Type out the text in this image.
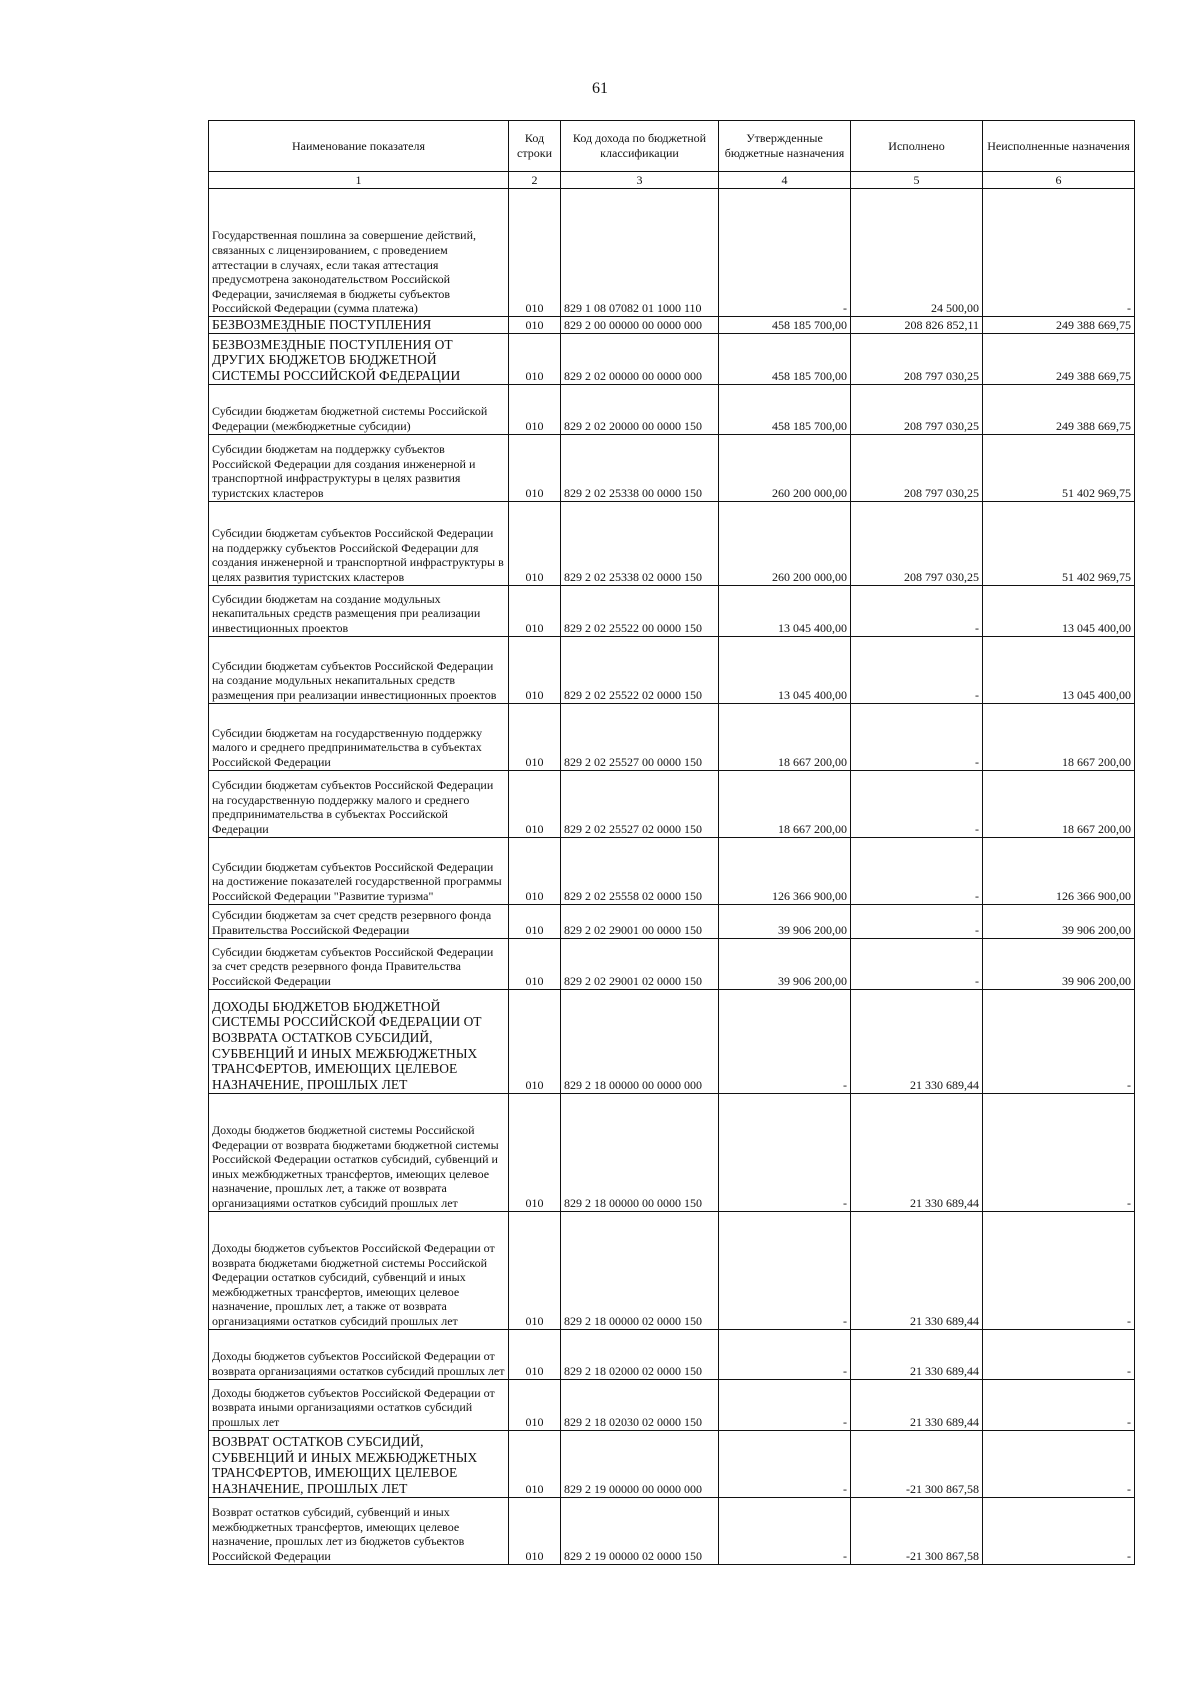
61
Наименование показателя	Код строки	Код дохода по бюджетной классификации	Утвержденные бюджетные назначения	Исполнено	Неисполненные назначения
1	2	3	4	5	6
Государственная пошлина за совершение действий, связанных с лицензированием, с проведением аттестации в случаях, если такая аттестация предусмотрена законодательством Российской Федерации, зачисляемая в бюджеты субъектов Российской Федерации (сумма платежа)	010	829 1 08 07082 01 1000 110	-	24 500,00	-
БЕЗВОЗМЕЗДНЫЕ ПОСТУПЛЕНИЯ	010	829 2 00 00000 00 0000 000	458 185 700,00	208 826 852,11	249 388 669,75
БЕЗВОЗМЕЗДНЫЕ ПОСТУПЛЕНИЯ ОТ ДРУГИХ БЮДЖЕТОВ БЮДЖЕТНОЙ СИСТЕМЫ РОССИЙСКОЙ ФЕДЕРАЦИИ	010	829 2 02 00000 00 0000 000	458 185 700,00	208 797 030,25	249 388 669,75
Субсидии бюджетам бюджетной системы Российской Федерации (межбюджетные субсидии)	010	829 2 02 20000 00 0000 150	458 185 700,00	208 797 030,25	249 388 669,75
Субсидии бюджетам на поддержку субъектов Российской Федерации для создания инженерной и транспортной инфраструктуры в целях развития туристских кластеров	010	829 2 02 25338 00 0000 150	260 200 000,00	208 797 030,25	51 402 969,75
Субсидии бюджетам субъектов Российской Федерации на поддержку субъектов Российской Федерации для создания инженерной и транспортной инфраструктуры в целях развития туристских кластеров	010	829 2 02 25338 02 0000 150	260 200 000,00	208 797 030,25	51 402 969,75
Субсидии бюджетам на создание модульных некапитальных средств размещения при реализации инвестиционных проектов	010	829 2 02 25522 00 0000 150	13 045 400,00	-	13 045 400,00
Субсидии бюджетам субъектов Российской Федерации на создание модульных некапитальных средств размещения при реализации инвестиционных проектов	010	829 2 02 25522 02 0000 150	13 045 400,00	-	13 045 400,00
Субсидии бюджетам на государственную поддержку малого и среднего предпринимательства в субъектах Российской Федерации	010	829 2 02 25527 00 0000 150	18 667 200,00	-	18 667 200,00
Субсидии бюджетам субъектов Российской Федерации на государственную поддержку малого и среднего предпринимательства в субъектах Российской Федерации	010	829 2 02 25527 02 0000 150	18 667 200,00	-	18 667 200,00
Субсидии бюджетам субъектов Российской Федерации на достижение показателей государственной программы Российской Федерации "Развитие туризма"	010	829 2 02 25558 02 0000 150	126 366 900,00	-	126 366 900,00
Субсидии бюджетам за счет средств резервного фонда Правительства Российской Федерации	010	829 2 02 29001 00 0000 150	39 906 200,00	-	39 906 200,00
Субсидии бюджетам субъектов Российской Федерации за счет средств резервного фонда Правительства Российской Федерации	010	829 2 02 29001 02 0000 150	39 906 200,00	-	39 906 200,00
ДОХОДЫ БЮДЖЕТОВ БЮДЖЕТНОЙ СИСТЕМЫ РОССИЙСКОЙ ФЕДЕРАЦИИ ОТ ВОЗВРАТА ОСТАТКОВ СУБСИДИЙ, СУБВЕНЦИЙ И ИНЫХ МЕЖБЮДЖЕТНЫХ ТРАНСФЕРТОВ, ИМЕЮЩИХ ЦЕЛЕВОЕ НАЗНАЧЕНИЕ, ПРОШЛЫХ ЛЕТ	010	829 2 18 00000 00 0000 000	-	21 330 689,44	-
Доходы бюджетов бюджетной системы Российской Федерации от возврата бюджетами бюджетной системы Российской Федерации остатков субсидий, субвенций и иных межбюджетных трансфертов, имеющих целевое назначение, прошлых лет, а также от возврата организациями остатков субсидий прошлых лет	010	829 2 18 00000 00 0000 150	-	21 330 689,44	-
Доходы бюджетов субъектов Российской Федерации от возврата бюджетами бюджетной системы Российской Федерации остатков субсидий, субвенций и иных межбюджетных трансфертов, имеющих целевое назначение, прошлых лет, а также от возврата организациями остатков субсидий прошлых лет	010	829 2 18 00000 02 0000 150	-	21 330 689,44	-
Доходы бюджетов субъектов Российской Федерации от возврата организациями остатков субсидий прошлых лет	010	829 2 18 02000 02 0000 150	-	21 330 689,44	-
Доходы бюджетов субъектов Российской Федерации от возврата иными организациями остатков субсидий прошлых лет	010	829 2 18 02030 02 0000 150	-	21 330 689,44	-
ВОЗВРАТ ОСТАТКОВ СУБСИДИЙ, СУБВЕНЦИЙ И ИНЫХ МЕЖБЮДЖЕТНЫХ ТРАНСФЕРТОВ, ИМЕЮЩИХ ЦЕЛЕВОЕ НАЗНАЧЕНИЕ, ПРОШЛЫХ ЛЕТ	010	829 2 19 00000 00 0000 000	-	-21 300 867,58	-
Возврат остатков субсидий, субвенций и иных межбюджетных трансфертов, имеющих целевое назначение, прошлых лет из бюджетов субъектов Российской Федерации	010	829 2 19 00000 02 0000 150	-	-21 300 867,58	-
